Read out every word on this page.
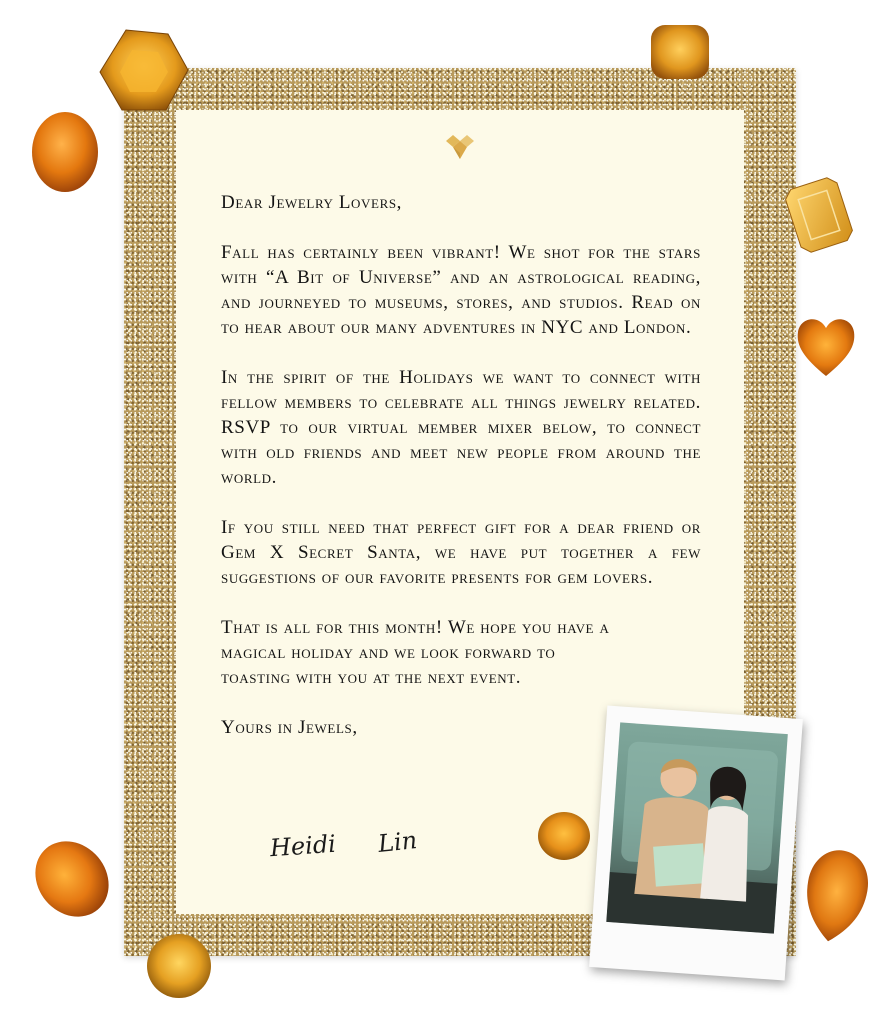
Dear Jewelry Lovers,

Fall has certainly been vibrant! We shot for the stars with “A Bit of Universe” and an astrological reading, and journeyed to museums, stores, and studios. Read on to hear about our many adventures in NYC and London.

In the spirit of the Holidays we want to connect with fellow members to celebrate all things jewelry related. RSVP to our virtual member mixer below, to connect with old friends and meet new people from around the world.

If you still need that perfect gift for a dear friend or Gem X Secret Santa, we have put together a few suggestions of our favorite presents for gem lovers.

That is all for this month! We hope you have a magical holiday and we look forward to toasting with you at the next event.

Yours in Jewels,

Heidi Lin
